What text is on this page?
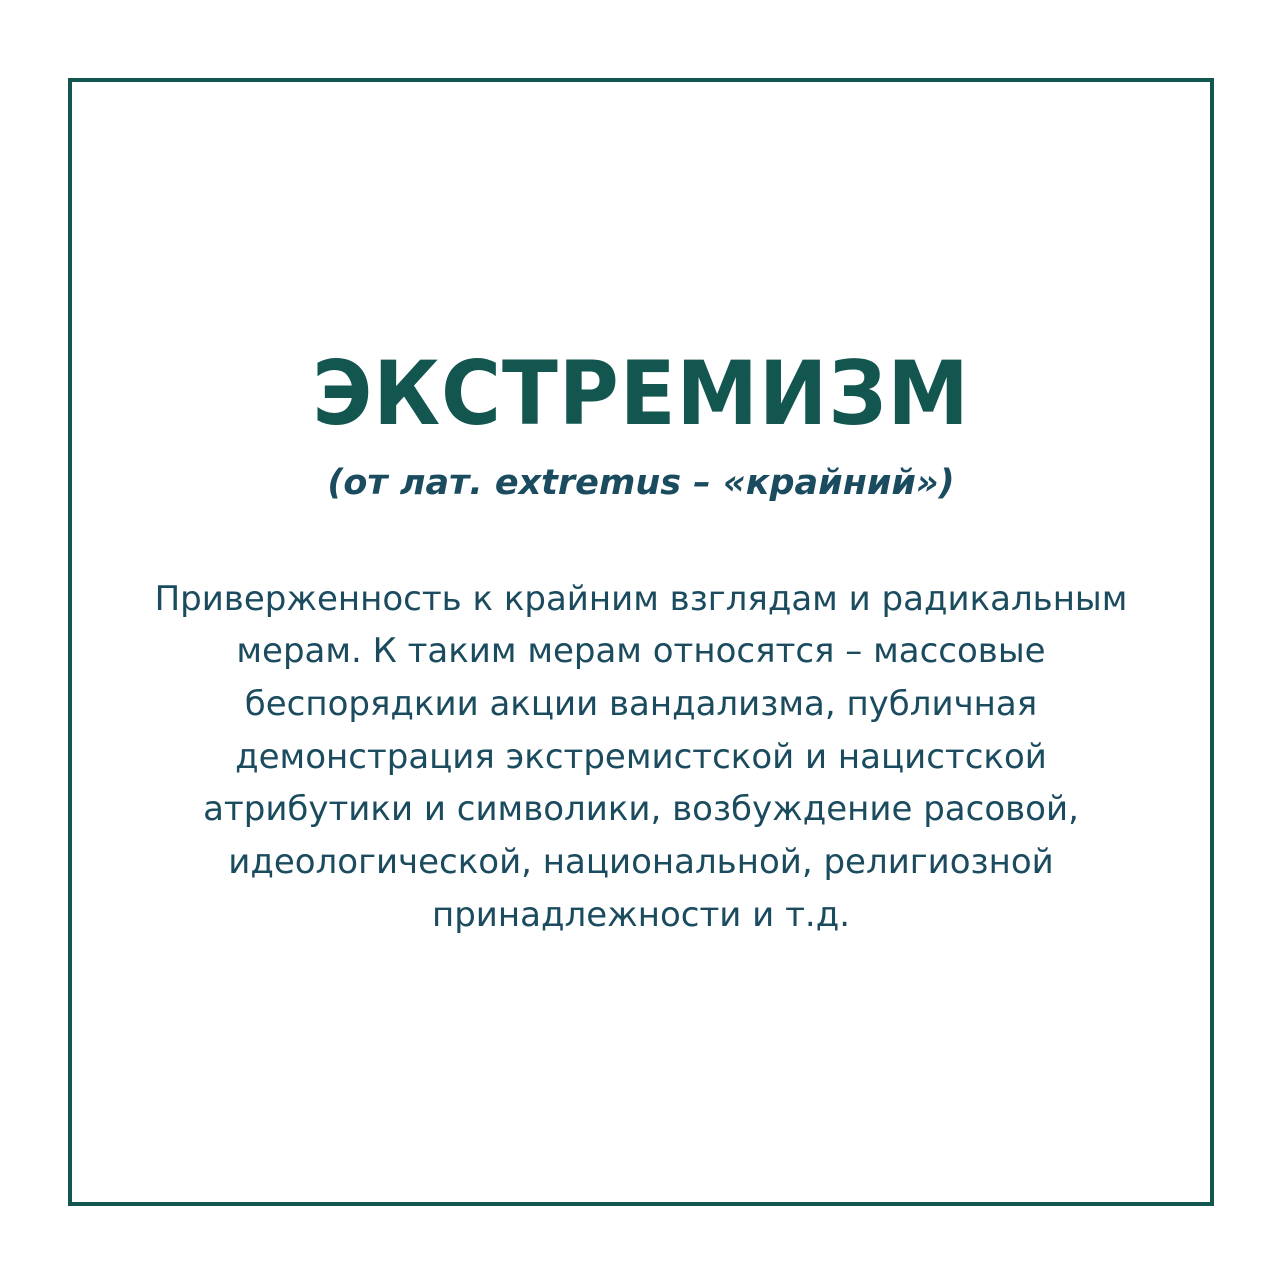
ЭКСТРЕМИЗМ
(от лат. extremus – «крайний»)
Приверженность к крайним взглядам и радикальным мерам. К таким мерам относятся – массовые беспорядкии акции вандализма, публичная демонстрация экстремистской и нацистской атрибутики и символики, возбуждение расовой, идеологической, национальной, религиозной принадлежности и т.д.
